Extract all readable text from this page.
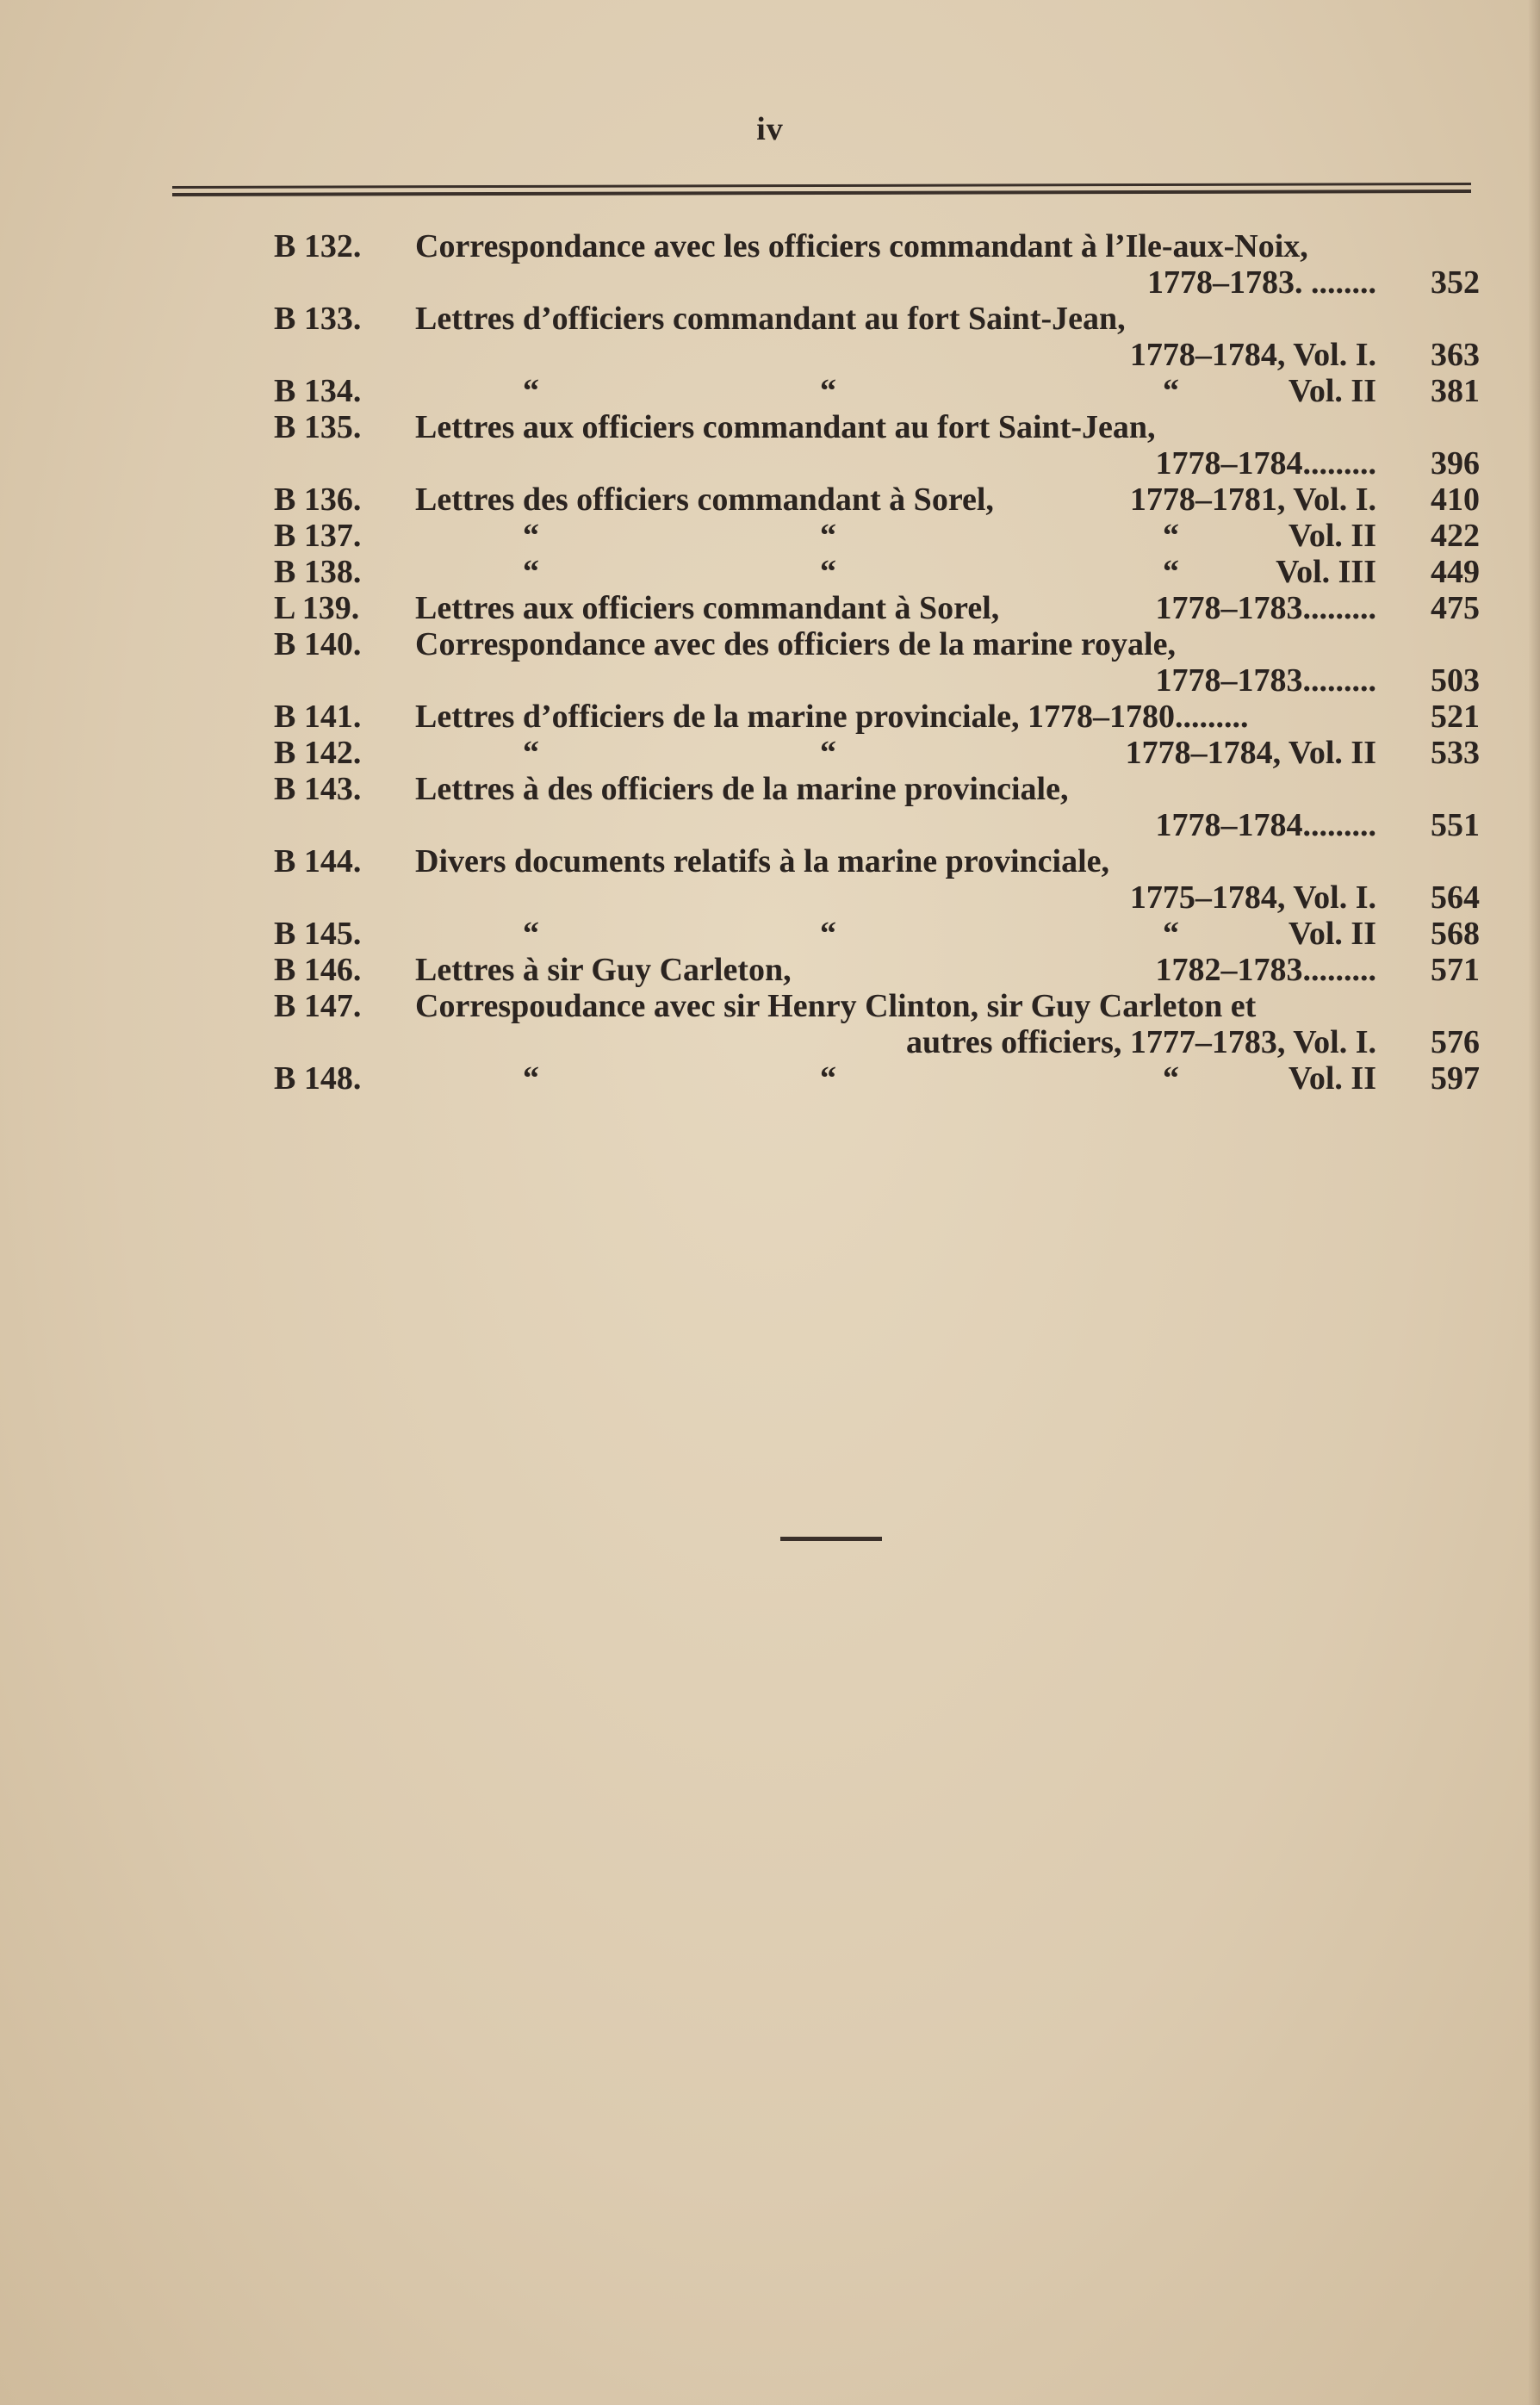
iv
B 132.	Correspondance avec les officiers commandant à l’Ile-aux-Noix,
1778–1783. ........	352
B 133.	Lettres d’officiers commandant au fort Saint-Jean,
1778–1784, Vol. I.	363
B 134.	“	“	“	Vol. II	381
B 135.	Lettres aux officiers commandant au fort Saint-Jean,
1778–1784.........	396
B 136.	Lettres des officiers commandant à Sorel,	1778–1781, Vol. I.	410
B 137.	“	“	“	Vol. II	422
B 138.	“	“	“	Vol. III	449
L 139.	Lettres aux officiers commandant à Sorel,	1778–1783.........	475
B 140.	Correspondance avec des officiers de la marine royale,
1778–1783.........	503
B 141.	Lettres d’officiers de la marine provinciale, 1778–1780.........	521
B 142.	“	“	1778–1784, Vol. II	533
B 143.	Lettres à des officiers de la marine provinciale,
1778–1784.........	551
B 144.	Divers documents relatifs à la marine provinciale,
1775–1784, Vol. I.	564
B 145.	“	“	“	Vol. II	568
B 146.	Lettres à sir Guy Carleton,	1782–1783.........	571
B 147.	Correspoudance avec sir Henry Clinton, sir Guy Carleton et
autres officiers, 1777–1783, Vol. I.	576
B 148.	“	“	“	Vol. II	597
